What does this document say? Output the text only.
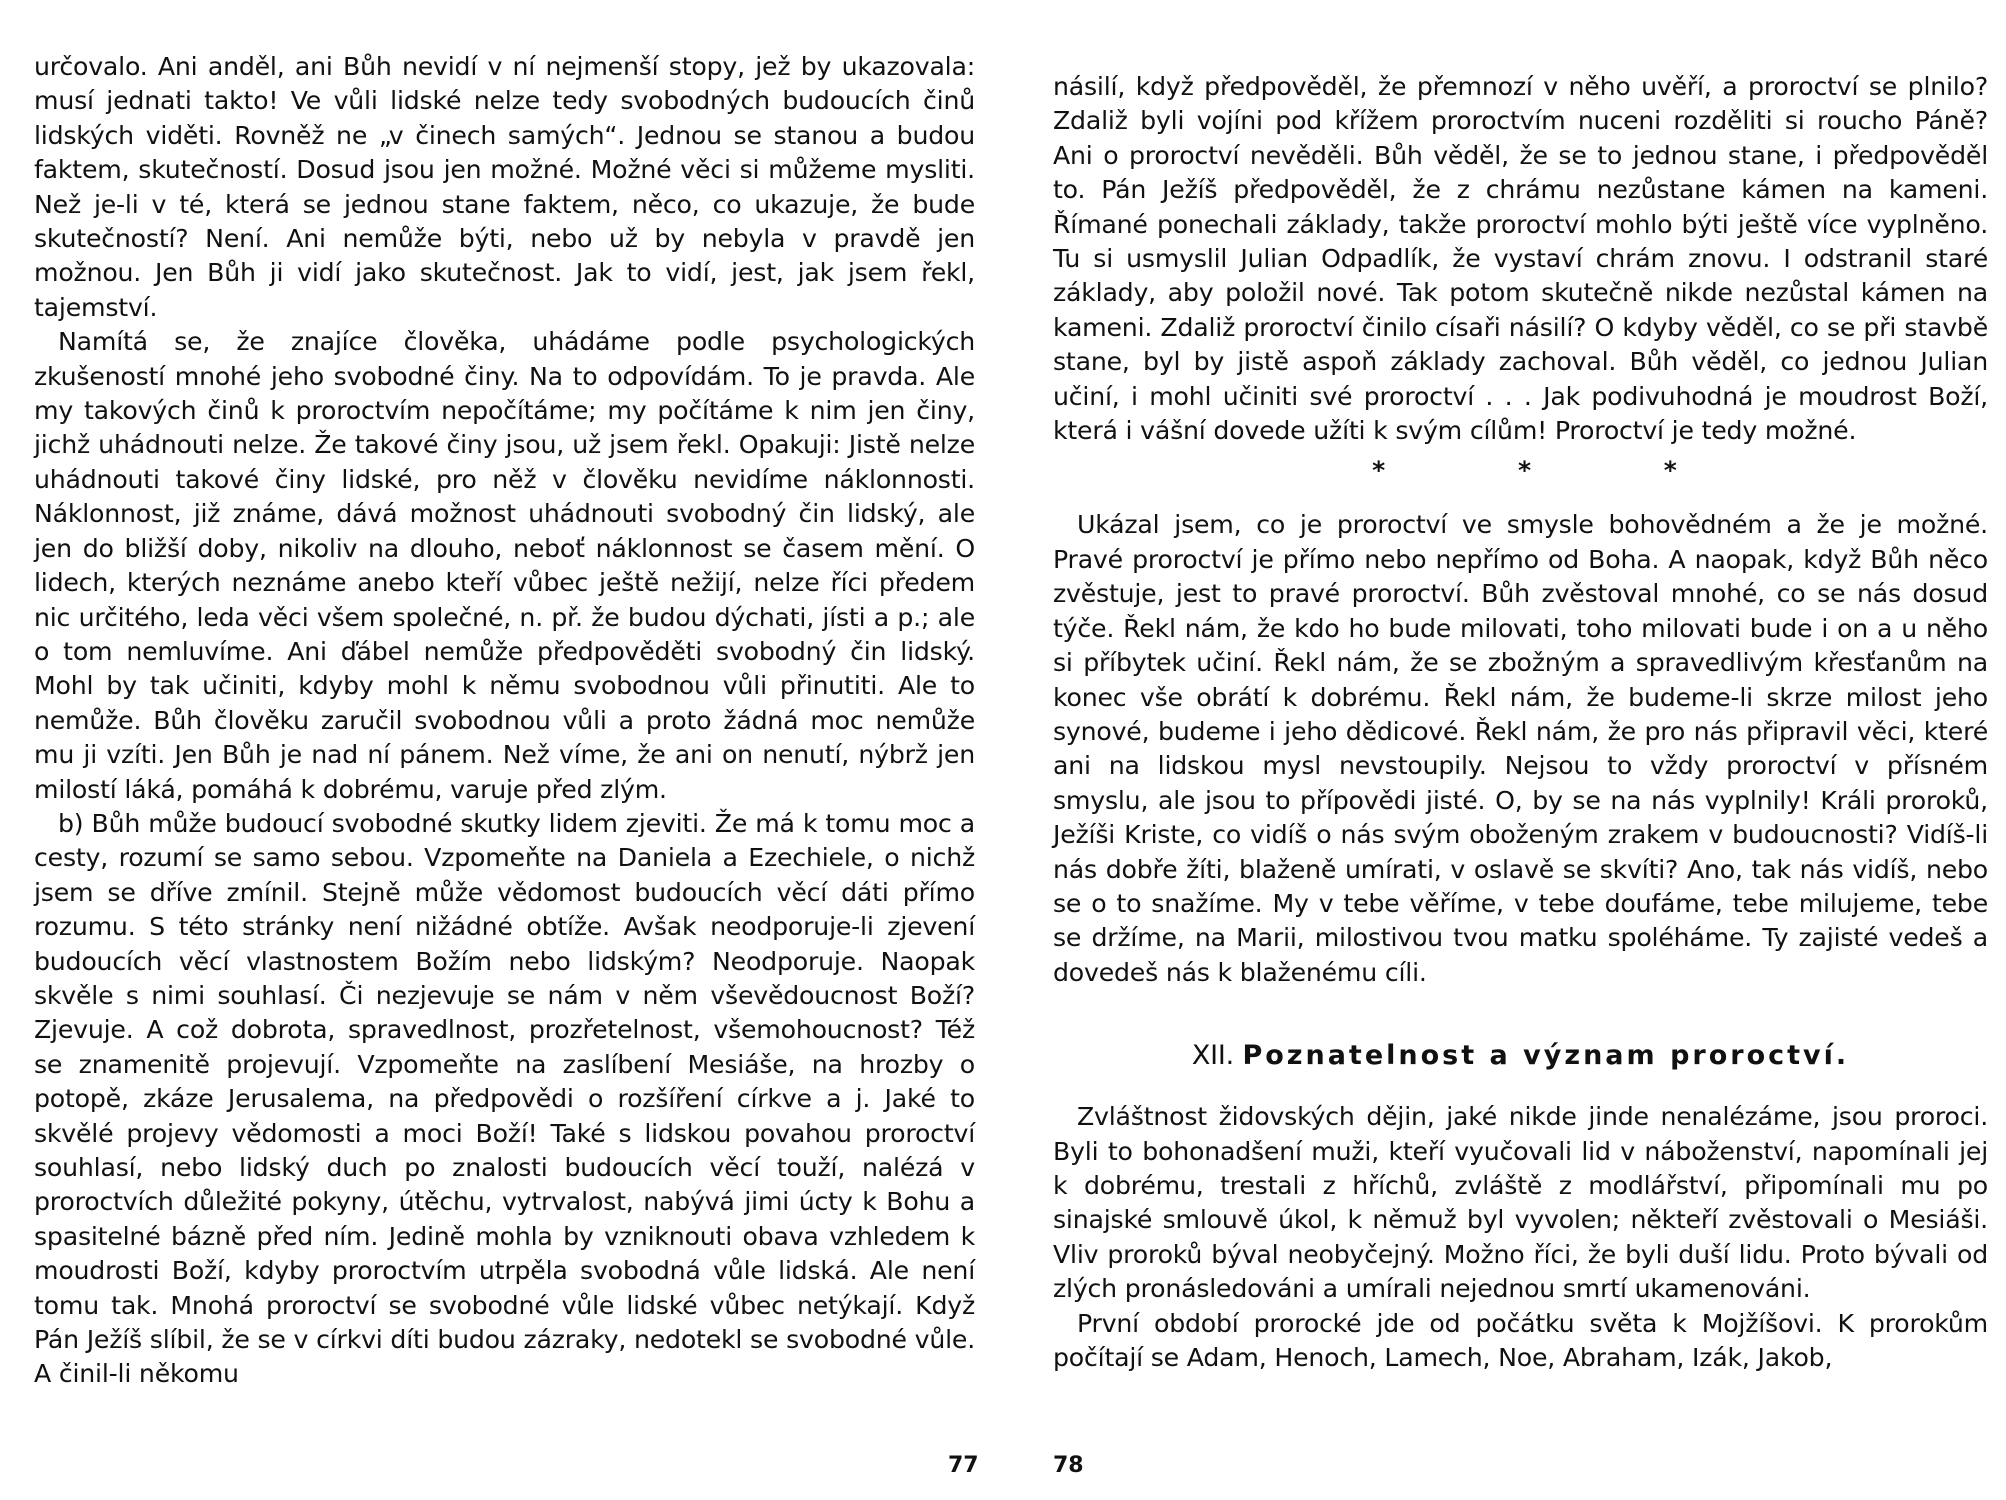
určovalo. Ani anděl, ani Bůh nevidí v ní nejmenší stopy, jež by ukazovala: musí jednati takto! Ve vůli lidské nelze tedy svobodných budoucích činů lidských viděti. Rovněž ne „v činech samých“. Jednou se stanou a budou faktem, skutečností. Dosud jsou jen možné. Možné věci si můžeme mysliti. Než je-li v té, která se jednou stane faktem, něco, co ukazuje, že bude skutečností? Není. Ani nemůže býti, nebo už by nebyla v pravdě jen možnou. Jen Bůh ji vidí jako skutečnost. Jak to vidí, jest, jak jsem řekl, tajemství.

Namítá se, že znajíce člověka, uhádáme podle psychologických zkušeností mnohé jeho svobodné činy. Na to odpovídám. To je pravda. Ale my takových činů k proroctvím nepočítáme; my počítáme k nim jen činy, jichž uhádnouti nelze. Že takové činy jsou, už jsem řekl. Opakuji: Jistě nelze uhádnouti takové činy lidské, pro něž v člověku nevidíme náklonnosti. Náklonnost, již známe, dává možnost uhádnouti svobodný čin lidský, ale jen do bližší doby, nikoliv na dlouho, neboť náklonnost se časem mění. O lidech, kterých neznáme anebo kteří vůbec ještě nežijí, nelze říci předem nic určitého, leda věci všem společné, n. př. že budou dýchati, jísti a p.; ale o tom nemluvíme. Ani ďábel nemůže předpověděti svobodný čin lidský. Mohl by tak učiniti, kdyby mohl k němu svobodnou vůli přinutiti. Ale to nemůže. Bůh člověku zaručil svobodnou vůli a proto žádná moc nemůže mu ji vzíti. Jen Bůh je nad ní pánem. Než víme, že ani on nenutí, nýbrž jen milostí láká, pomáhá k dobrému, varuje před zlým.

b) Bůh může budoucí svobodné skutky lidem zjeviti. Že má k tomu moc a cesty, rozumí se samo sebou. Vzpomeňte na Daniela a Ezechiele, o nichž jsem se dříve zmínil. Stejně může vědomost budoucích věcí dáti přímo rozumu. S této stránky není nižádné obtíže. Avšak neodporuje-li zjevení budoucích věcí vlastnostem Božím nebo lidským? Neodporuje. Naopak skvěle s nimi souhlasí. Či nezjevuje se nám v něm vševědoucnost Boží? Zjevuje. A což dobrota, spravedlnost, prozřetelnost, všemohoucnost? Též se znamenitě projevují. Vzpomeňte na zaslíbení Mesiáše, na hrozby o potopě, zkáze Jerusalema, na předpovědi o rozšíření církve a j. Jaké to skvělé projevy vědomosti a moci Boží! Také s lidskou povahou proroctví souhlasí, nebo lidský duch po znalosti budoucích věcí touží, nalézá v proroctvích důležité pokyny, útěchu, vytrvalost, nabývá jimi úcty k Bohu a spasitelné bázně před ním. Jedině mohla by vzniknouti obava vzhledem k moudrosti Boží, kdyby proroctvím utrpěla svobodná vůle lidská. Ale není tomu tak. Mnohá proroctví se svobodné vůle lidské vůbec netýkají. Když Pán Ježíš slíbil, že se v církvi díti budou zázraky, nedotekl se svobodné vůle. A činil-li někomu

77

násilí, když předpověděl, že přemnozí v něho uvěří, a proroctví se plnilo? Zdaliž byli vojíni pod křížem proroctvím nuceni rozděliti si roucho Páně? Ani o proroctví nevěděli. Bůh věděl, že se to jednou stane, i předpověděl to. Pán Ježíš předpověděl, že z chrámu nezůstane kámen na kameni. Římané ponechali základy, takže proroctví mohlo býti ještě více vyplněno. Tu si usmyslil Julian Odpadlík, že vystaví chrám znovu. I odstranil staré základy, aby položil nové. Tak potom skutečně nikde nezůstal kámen na kameni. Zdaliž proroctví činilo císaři násilí? O kdyby věděl, co se při stavbě stane, byl by jistě aspoň základy zachoval. Bůh věděl, co jednou Julian učiní, i mohl učiniti své proroctví . . . Jak podivuhodná je moudrost Boží, která i vášní dovede užíti k svým cílům! Proroctví je tedy možné.

* * *

Ukázal jsem, co je proroctví ve smysle bohovědném a že je možné. Pravé proroctví je přímo nebo nepřímo od Boha. A naopak, když Bůh něco zvěstuje, jest to pravé proroctví. Bůh zvěstoval mnohé, co se nás dosud týče. Řekl nám, že kdo ho bude milovati, toho milovati bude i on a u něho si příbytek učiní. Řekl nám, že se zbožným a spravedlivým křesťanům na konec vše obrátí k dobrému. Řekl nám, že budeme-li skrze milost jeho synové, budeme i jeho dědicové. Řekl nám, že pro nás připravil věci, které ani na lidskou mysl nevstoupily. Nejsou to vždy proroctví v přísném smyslu, ale jsou to přípovědi jisté. O, by se na nás vyplnily! Králi proroků, Ježíši Kriste, co vidíš o nás svým oboženým zrakem v budoucnosti? Vidíš-li nás dobře žíti, blaženě umírati, v oslavě se skvíti? Ano, tak nás vidíš, nebo se o to snažíme. My v tebe věříme, v tebe doufáme, tebe milujeme, tebe se držíme, na Marii, milostivou tvou matku spoléháme. Ty zajisté vedeš a dovedeš nás k blaženému cíli.

XII. Poznatelnost a význam proroctví.

Zvláštnost židovských dějin, jaké nikde jinde nenalézáme, jsou proroci. Byli to bohonadšení muži, kteří vyučovali lid v náboženství, napomínali jej k dobrému, trestali z hříchů, zvláště z modlářství, připomínali mu po sinajské smlouvě úkol, k němuž byl vyvolen; někteří zvěstovali o Mesiáši. Vliv proroků býval neobyčejný. Možno říci, že byli duší lidu. Proto bývali od zlých pronásledováni a umírali nejednou smrtí ukamenováni.

První období prorocké jde od počátku světa k Mojžíšovi. K prorokům počítají se Adam, Henoch, Lamech, Noe, Abraham, Izák, Jakob,

78
